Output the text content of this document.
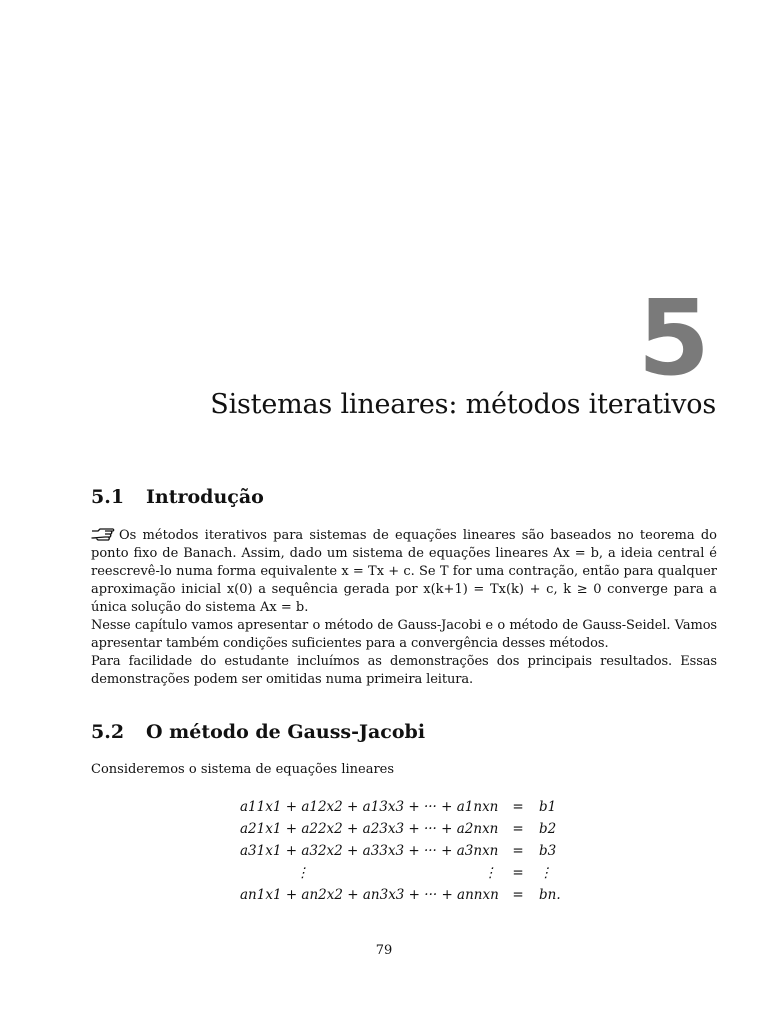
5
Sistemas lineares: métodos iterativos
5.1 Introdução

Os métodos iterativos para sistemas de equações lineares são baseados no teorema do ponto fixo de Banach. Assim, dado um sistema de equações lineares Ax = b, a ideia central é reescrevê-lo numa forma equivalente x = Tx + c. Se T for uma contração, então para qualquer aproximação inicial x(0) a sequência gerada por x(k+1) = Tx(k) + c, k ≥ 0 converge para a única solução do sistema Ax = b.

Nesse capítulo vamos apresentar o método de Gauss-Jacobi e o método de Gauss-Seidel. Vamos apresentar também condições suficientes para a convergência desses métodos.

Para facilidade do estudante incluímos as demonstrações dos principais resultados. Essas demonstrações podem ser omitidas numa primeira leitura.

5.2 O método de Gauss-Jacobi
Consideremos o sistema de equações lineares
a11x1 + a12x2 + a13x3 + ··· + a1nxn	=	b1
a21x1 + a22x2 + a23x3 + ··· + a2nxn	=	b2
a31x1 + a32x2 + a33x3 + ··· + a3nxn	=	b3
⋮ ⋮	=	⋮
an1x1 + an2x2 + an3x3 + ··· + annxn	=	bn.
79
